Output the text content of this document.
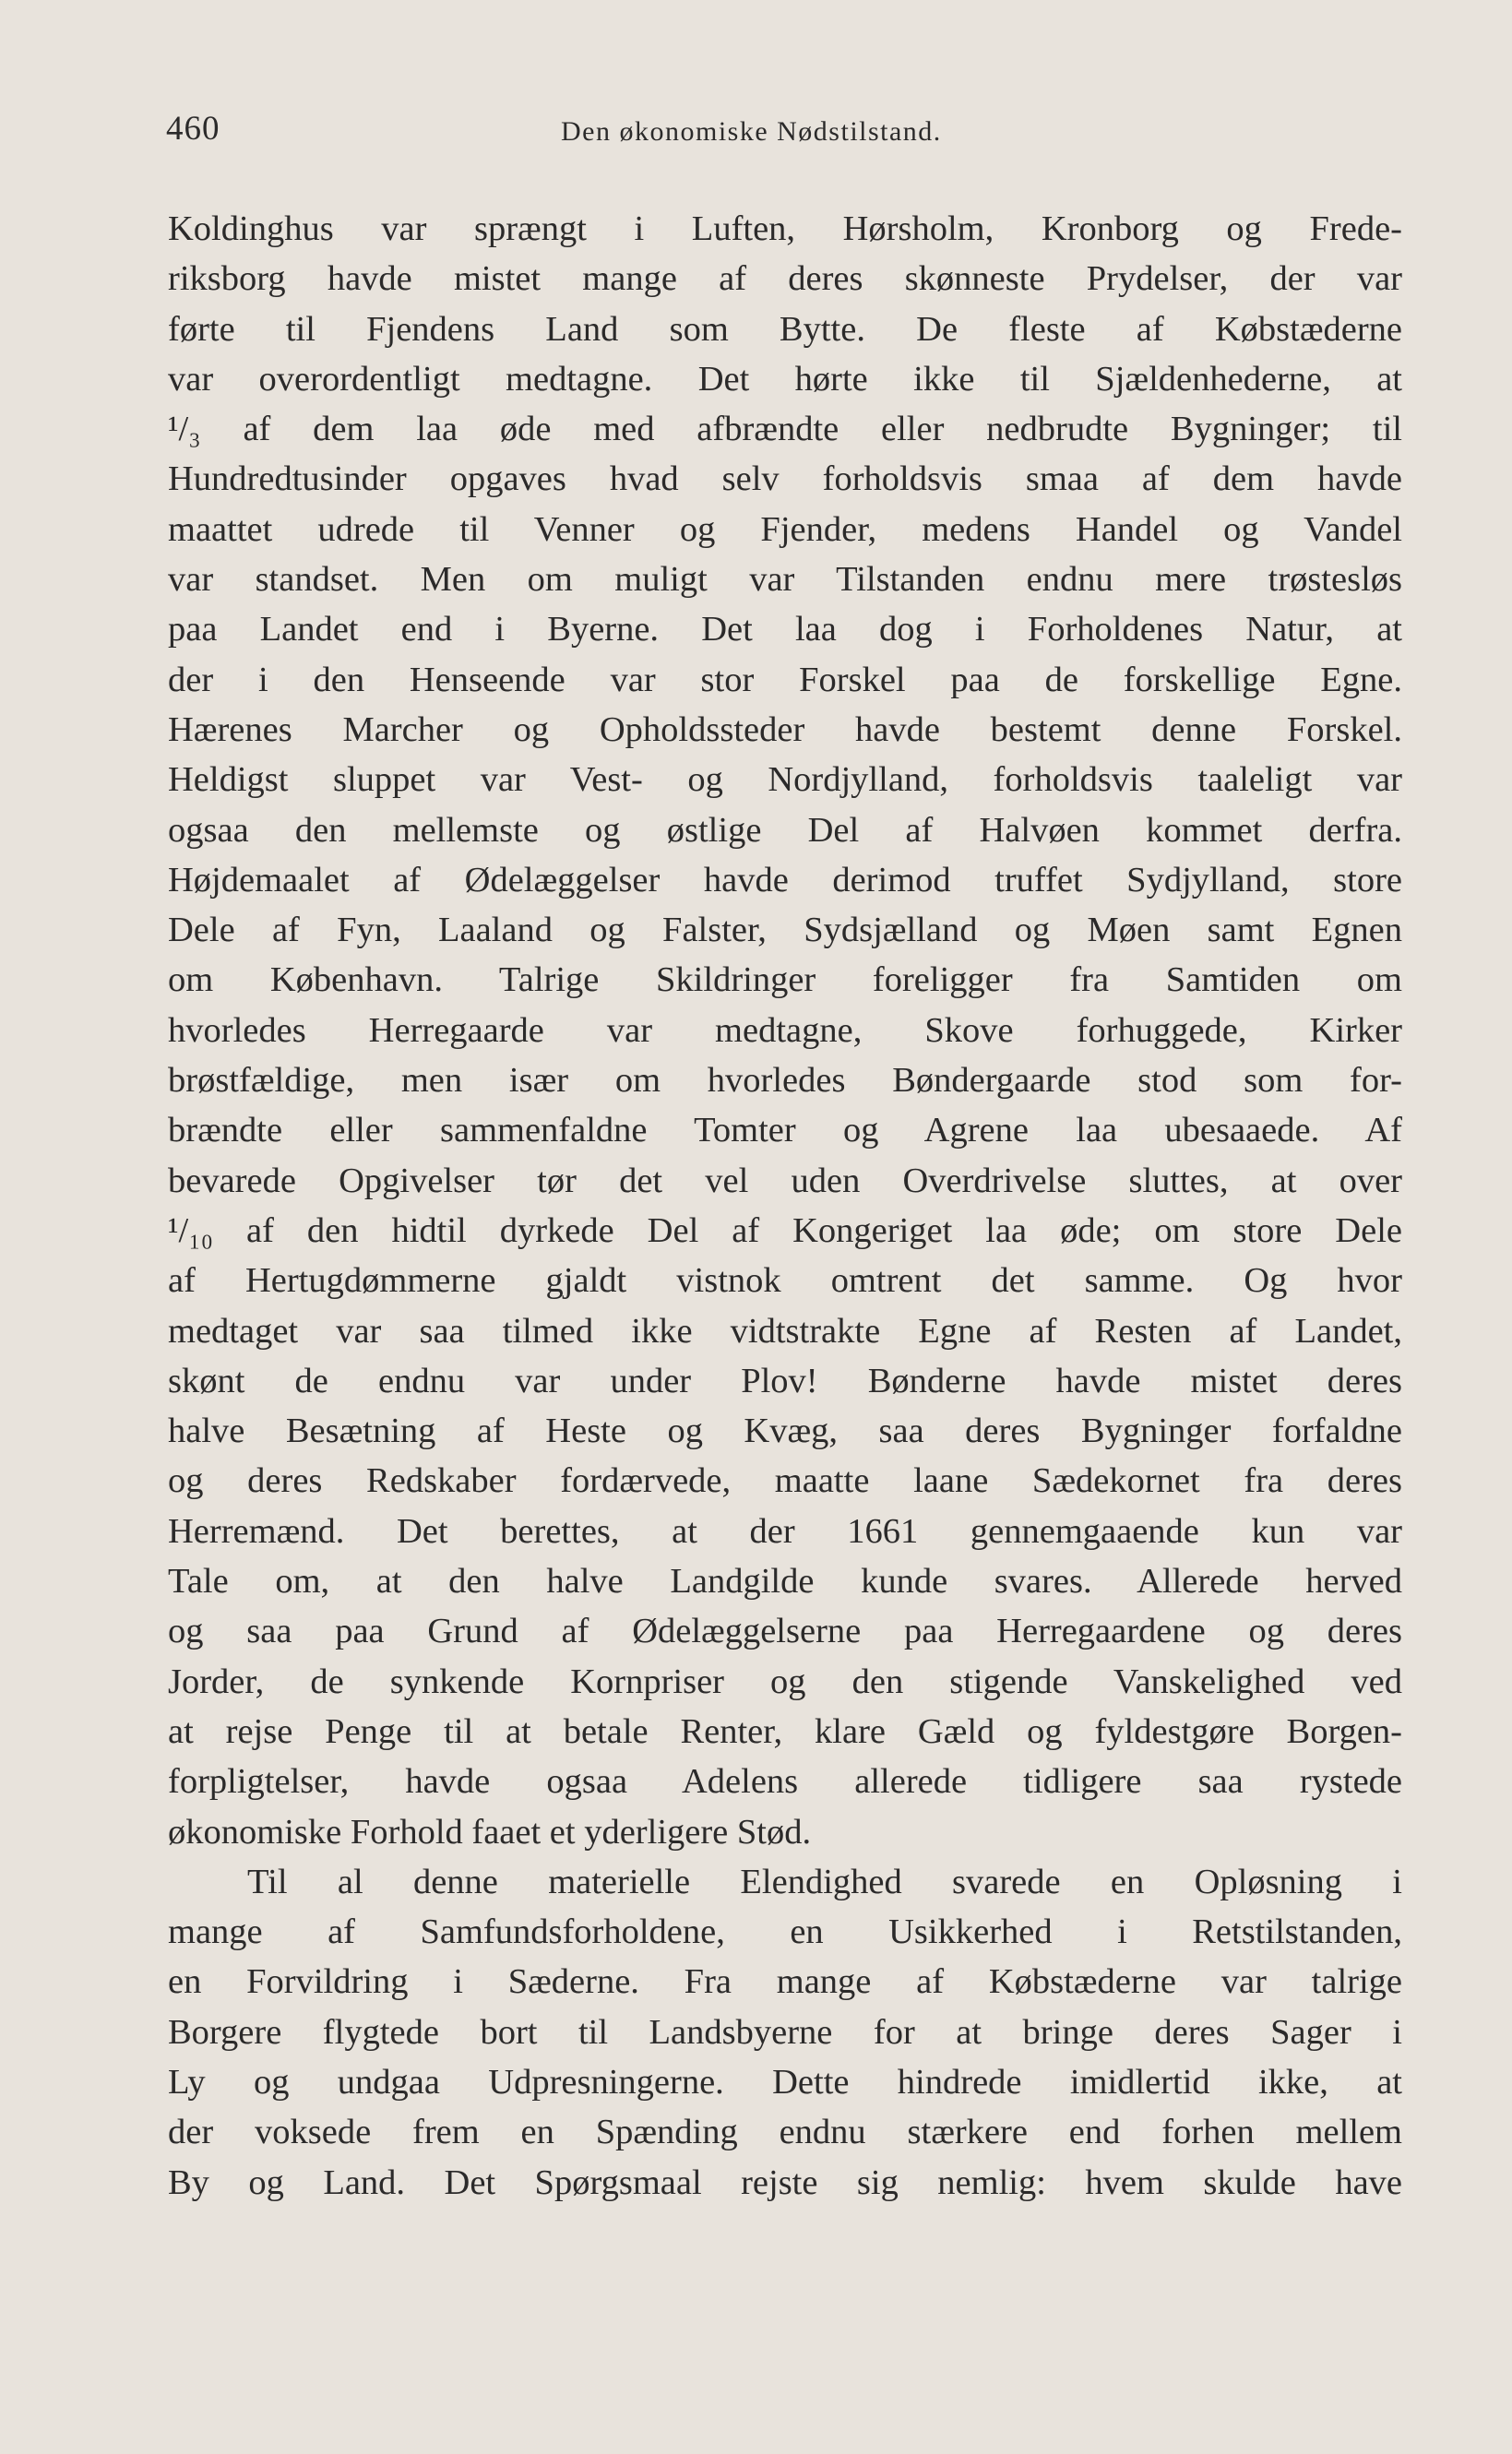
460	Den økonomiske Nødstilstand.
Koldinghus var sprængt i Luften, Hørsholm, Kronborg og Frede-
riksborg havde mistet mange af deres skønneste Prydelser, der var
førte til Fjendens Land som Bytte. De fleste af Købstæderne
var overordentligt medtagne. Det hørte ikke til Sjældenhederne, at
¹/₃ af dem laa øde med afbrændte eller nedbrudte Bygninger; til
Hundredtusinder opgaves hvad selv forholdsvis smaa af dem havde
maattet udrede til Venner og Fjender, medens Handel og Vandel
var standset. Men om muligt var Tilstanden endnu mere trøstesløs
paa Landet end i Byerne. Det laa dog i Forholdenes Natur, at
der i den Henseende var stor Forskel paa de forskellige Egne.
Hærenes Marcher og Opholdssteder havde bestemt denne Forskel.
Heldigst sluppet var Vest- og Nordjylland, forholdsvis taaleligt var
ogsaa den mellemste og østlige Del af Halvøen kommet derfra.
Højdemaalet af Ødelæggelser havde derimod truffet Sydjylland, store
Dele af Fyn, Laaland og Falster, Sydsjælland og Møen samt Egnen
om København. Talrige Skildringer foreligger fra Samtiden om
hvorledes Herregaarde var medtagne, Skove forhuggede, Kirker
brøstfældige, men især om hvorledes Bøndergaarde stod som for-
brændte eller sammenfaldne Tomter og Agrene laa ubesaaede. Af
bevarede Opgivelser tør det vel uden Overdrivelse sluttes, at over
¹/₁₀ af den hidtil dyrkede Del af Kongeriget laa øde; om store Dele
af Hertugdømmerne gjaldt vistnok omtrent det samme. Og hvor
medtaget var saa tilmed ikke vidtstrakte Egne af Resten af Landet,
skønt de endnu var under Plov! Bønderne havde mistet deres
halve Besætning af Heste og Kvæg, saa deres Bygninger forfaldne
og deres Redskaber fordærvede, maatte laane Sædekornet fra deres
Herremænd. Det berettes, at der 1661 gennemgaaende kun var
Tale om, at den halve Landgilde kunde svares. Allerede herved
og saa paa Grund af Ødelæggelserne paa Herregaardene og deres
Jorder, de synkende Kornpriser og den stigende Vanskelighed ved
at rejse Penge til at betale Renter, klare Gæld og fyldestgøre Borgen-
forpligtelser, havde ogsaa Adelens allerede tidligere saa rystede
økonomiske Forhold faaet et yderligere Stød.
Til al denne materielle Elendighed svarede en Opløsning i
mange af Samfundsforholdene, en Usikkerhed i Retstilstanden,
en Forvildring i Sæderne. Fra mange af Købstæderne var talrige
Borgere flygtede bort til Landsbyerne for at bringe deres Sager i
Ly og undgaa Udpresningerne. Dette hindrede imidlertid ikke, at
der voksede frem en Spænding endnu stærkere end forhen mellem
By og Land. Det Spørgsmaal rejste sig nemlig: hvem skulde have
